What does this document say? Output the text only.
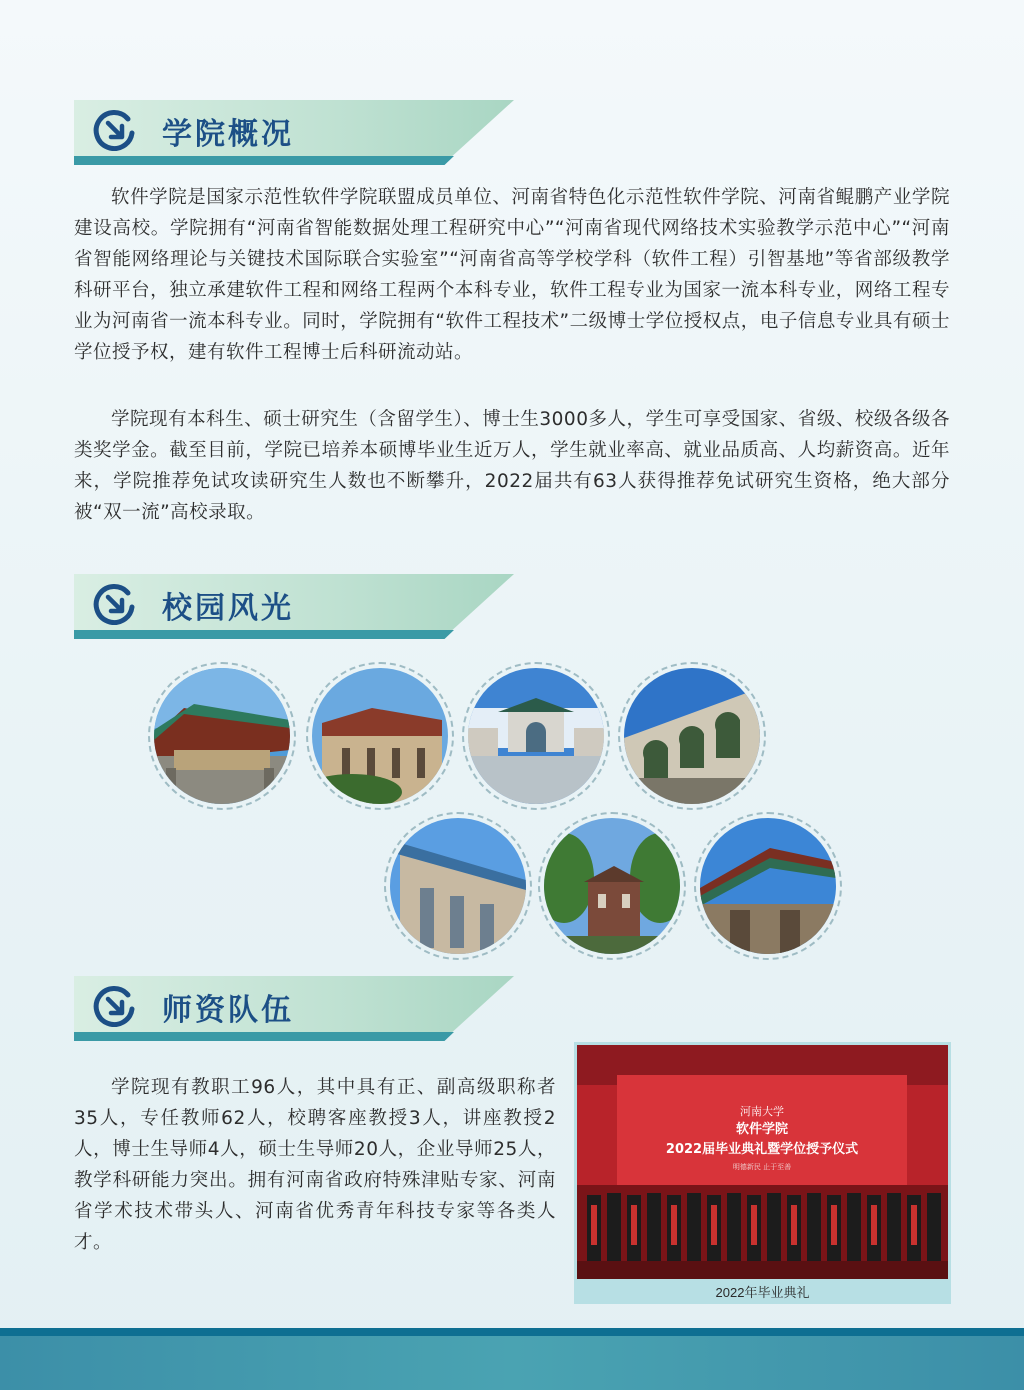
学院概况

软件学院是国家示范性软件学院联盟成员单位、河南省特色化示范性软件学院、河南省鲲鹏产业学院建设高校。学院拥有“河南省智能数据处理工程研究中心”“河南省现代网络技术实验教学示范中心”“河南省智能网络理论与关键技术国际联合实验室”“河南省高等学校学科（软件工程）引智基地”等省部级教学科研平台，独立承建软件工程和网络工程两个本科专业，软件工程专业为国家一流本科专业，网络工程专业为河南省一流本科专业。同时，学院拥有“软件工程技术”二级博士学位授权点，电子信息专业具有硕士学位授予权，建有软件工程博士后科研流动站。

学院现有本科生、硕士研究生（含留学生）、博士生3000多人，学生可享受国家、省级、校级各级各类奖学金。截至目前，学院已培养本硕博毕业生近万人，学生就业率高、就业品质高、人均薪资高。近年来，学院推荐免试攻读研究生人数也不断攀升，2022届共有63人获得推荐免试研究生资格，绝大部分被“双一流”高校录取。

校园风光
师资队伍

学院现有教职工96人，其中具有正、副高级职称者35人，专任教师62人，校聘客座教授3人，讲座教授2人，博士生导师4人，硕士生导师20人，企业导师25人，教学科研能力突出。拥有河南省政府特殊津贴专家、河南省学术技术带头人、河南省优秀青年科技专家等各类人才。

河南大学
软件学院
2022届毕业典礼暨学位授予仪式
明德新民 止于至善
2022年毕业典礼
